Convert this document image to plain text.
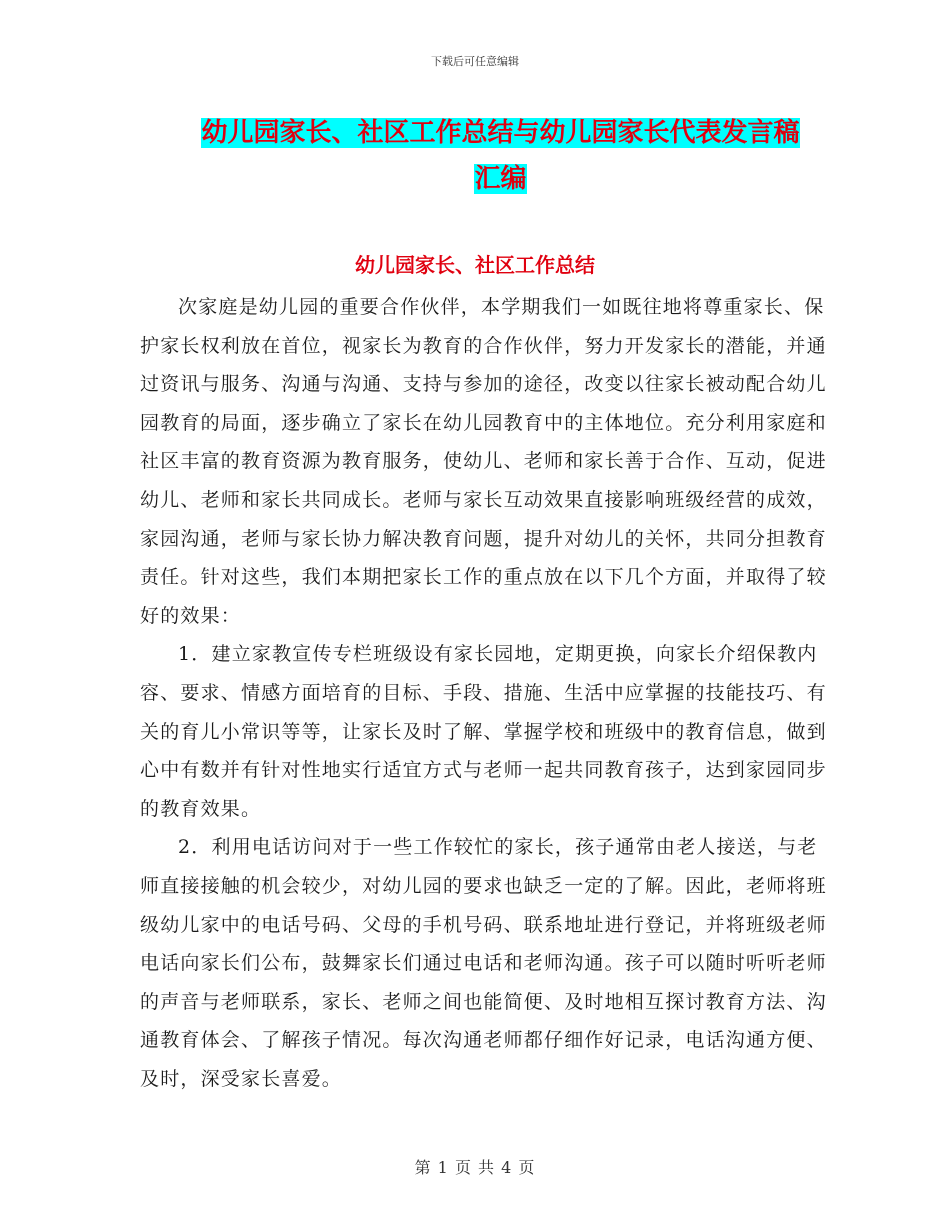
下载后可任意编辑
幼儿园家长、社区工作总结与幼儿园家长代表发言稿汇编
幼儿园家长、社区工作总结

次家庭是幼儿园的重要合作伙伴，本学期我们一如既往地将尊重家长、保护家长权利放在首位，视家长为教育的合作伙伴，努力开发家长的潜能，并通过资讯与服务、沟通与沟通、支持与参加的途径，改变以往家长被动配合幼儿园教育的局面，逐步确立了家长在幼儿园教育中的主体地位。充分利用家庭和社区丰富的教育资源为教育服务，使幼儿、老师和家长善于合作、互动，促进幼儿、老师和家长共同成长。老师与家长互动效果直接影响班级经营的成效，家园沟通，老师与家长协力解决教育问题，提升对幼儿的关怀，共同分担教育责任。针对这些，我们本期把家长工作的重点放在以下几个方面，并取得了较好的效果：

1．建立家教宣传专栏班级设有家长园地，定期更换，向家长介绍保教内容、要求、情感方面培育的目标、手段、措施、生活中应掌握的技能技巧、有关的育儿小常识等等，让家长及时了解、掌握学校和班级中的教育信息，做到心中有数并有针对性地实行适宜方式与老师一起共同教育孩子，达到家园同步的教育效果。

2．利用电话访问对于一些工作较忙的家长，孩子通常由老人接送，与老师直接接触的机会较少，对幼儿园的要求也缺乏一定的了解。因此，老师将班级幼儿家中的电话号码、父母的手机号码、联系地址进行登记，并将班级老师电话向家长们公布，鼓舞家长们通过电话和老师沟通。孩子可以随时听听老师的声音与老师联系，家长、老师之间也能简便、及时地相互探讨教育方法、沟通教育体会、了解孩子情况。每次沟通老师都仔细作好记录，电话沟通方便、及时，深受家长喜爱。

第 1 页 共 4 页
